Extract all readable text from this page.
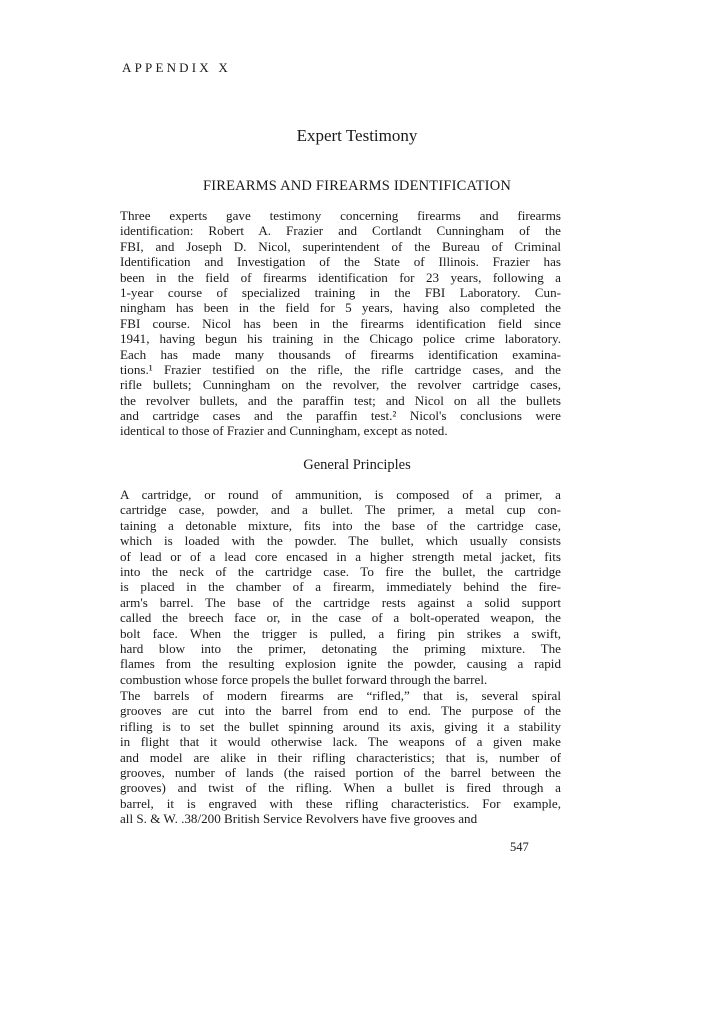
APPENDIX X
Expert Testimony
FIREARMS AND FIREARMS IDENTIFICATION
Three experts gave testimony concerning firearms and firearms
identification: Robert A. Frazier and Cortlandt Cunningham of the
FBI, and Joseph D. Nicol, superintendent of the Bureau of Criminal
Identification and Investigation of the State of Illinois. Frazier has
been in the field of firearms identification for 23 years, following a
1-year course of specialized training in the FBI Laboratory. Cun-
ningham has been in the field for 5 years, having also completed the
FBI course. Nicol has been in the firearms identification field since
1941, having begun his training in the Chicago police crime laboratory.
Each has made many thousands of firearms identification examina-
tions.¹ Frazier testified on the rifle, the rifle cartridge cases, and the
rifle bullets; Cunningham on the revolver, the revolver cartridge cases,
the revolver bullets, and the paraffin test; and Nicol on all the bullets
and cartridge cases and the paraffin test.² Nicol's conclusions were
identical to those of Frazier and Cunningham, except as noted.
General Principles
A cartridge, or round of ammunition, is composed of a primer, a
cartridge case, powder, and a bullet. The primer, a metal cup con-
taining a detonable mixture, fits into the base of the cartridge case,
which is loaded with the powder. The bullet, which usually consists
of lead or of a lead core encased in a higher strength metal jacket, fits
into the neck of the cartridge case. To fire the bullet, the cartridge
is placed in the chamber of a firearm, immediately behind the fire-
arm's barrel. The base of the cartridge rests against a solid support
called the breech face or, in the case of a bolt-operated weapon, the
bolt face. When the trigger is pulled, a firing pin strikes a swift,
hard blow into the primer, detonating the priming mixture. The
flames from the resulting explosion ignite the powder, causing a rapid
combustion whose force propels the bullet forward through the barrel.
The barrels of modern firearms are “rifled,” that is, several spiral
grooves are cut into the barrel from end to end. The purpose of the
rifling is to set the bullet spinning around its axis, giving it a stability
in flight that it would otherwise lack. The weapons of a given make
and model are alike in their rifling characteristics; that is, number of
grooves, number of lands (the raised portion of the barrel between the
grooves) and twist of the rifling. When a bullet is fired through a
barrel, it is engraved with these rifling characteristics. For example,
all S. & W. .38/200 British Service Revolvers have five grooves and
547
